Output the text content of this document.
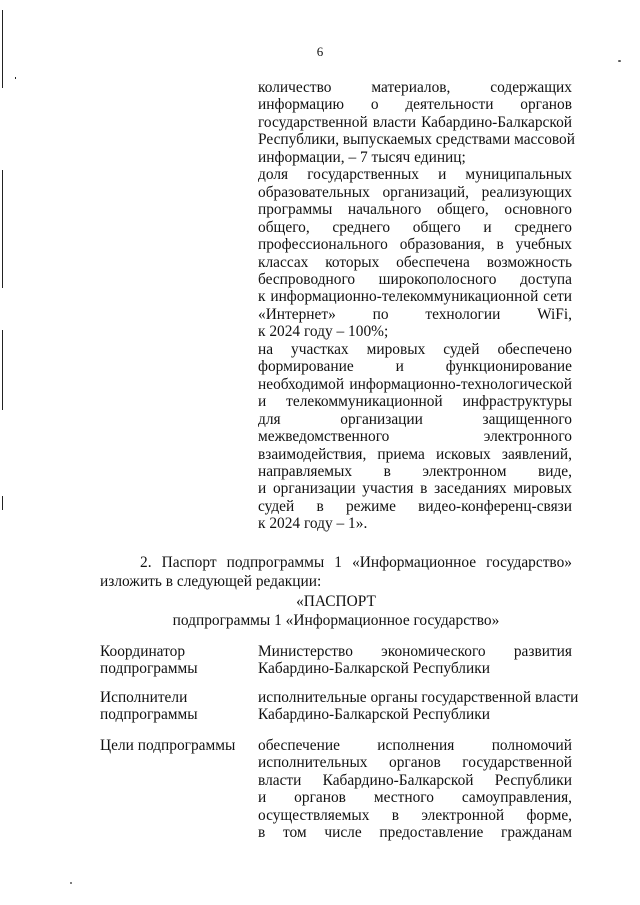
6
количество материалов, содержащих
информацию о деятельности органов
государственной власти Кабардино-Балкарской
Республики, выпускаемых средствами массовой
информации, – 7 тысяч единиц;
доля государственных и муниципальных
образовательных организаций, реализующих
программы начального общего, основного
общего, среднего общего и среднего
профессионального образования, в учебных
классах которых обеспечена возможность
беспроводного широкополосного доступа
к информационно-телекоммуникационной сети
«Интернет» по технологии WiFi,
к 2024 году – 100%;
на участках мировых судей обеспечено
формирование и функционирование
необходимой информационно-технологической
и телекоммуникационной инфраструктуры
для организации защищенного
межведомственного электронного
взаимодействия, приема исковых заявлений,
направляемых в электронном виде,
и организации участия в заседаниях мировых
судей в режиме видео-конференц-связи
к 2024 году – 1».
2. Паспорт подпрограммы 1 «Информационное государство»
изложить в следующей редакции:
«ПАСПОРТ
подпрограммы 1 «Информационное государство»
Координатор
подпрограммы
Министерство экономического развития
Кабардино-Балкарской Республики
Исполнители
подпрограммы
исполнительные органы государственной власти
Кабардино-Балкарской Республики
Цели подпрограммы	обеспечение исполнения полномочий
исполнительных органов государственной
власти Кабардино-Балкарской Республики
и органов местного самоуправления,
осуществляемых в электронной форме,
в том числе предоставление гражданам
